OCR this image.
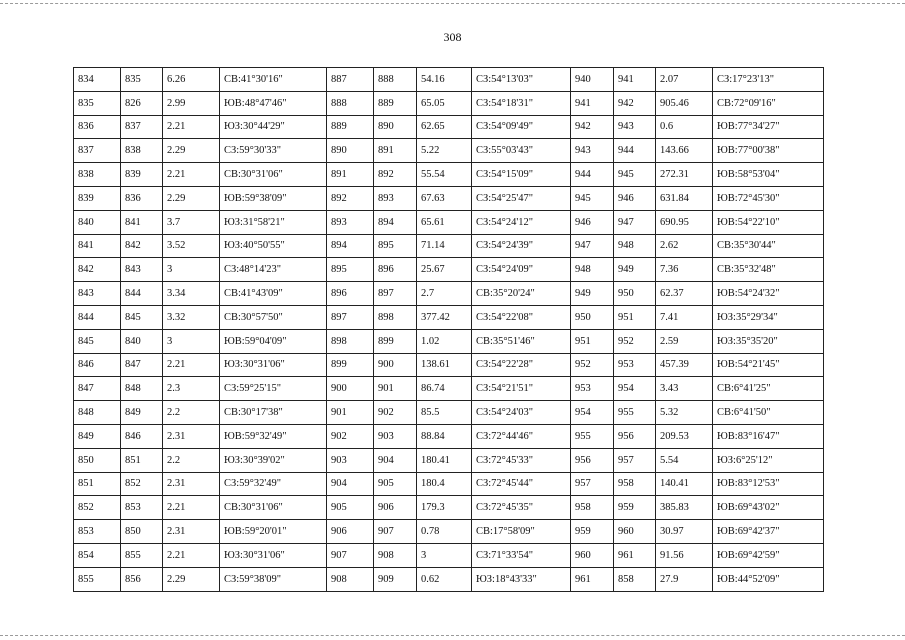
308
834	835	6.26	СВ:41°30'16"	887	888	54.16	СЗ:54°13'03"	940	941	2.07	СЗ:17°23'13"
835	826	2.99	ЮВ:48°47'46"	888	889	65.05	СЗ:54°18'31"	941	942	905.46	СВ:72°09'16"
836	837	2.21	ЮЗ:30°44'29"	889	890	62.65	СЗ:54°09'49"	942	943	0.6	ЮВ:77°34'27"
837	838	2.29	СЗ:59°30'33"	890	891	5.22	СЗ:55°03'43"	943	944	143.66	ЮВ:77°00'38"
838	839	2.21	СВ:30°31'06"	891	892	55.54	СЗ:54°15'09"	944	945	272.31	ЮВ:58°53'04"
839	836	2.29	ЮВ:59°38'09"	892	893	67.63	СЗ:54°25'47"	945	946	631.84	ЮВ:72°45'30"
840	841	3.7	ЮЗ:31°58'21"	893	894	65.61	СЗ:54°24'12"	946	947	690.95	ЮВ:54°22'10"
841	842	3.52	ЮЗ:40°50'55"	894	895	71.14	СЗ:54°24'39"	947	948	2.62	СВ:35°30'44"
842	843	3	СЗ:48°14'23"	895	896	25.67	СЗ:54°24'09"	948	949	7.36	СВ:35°32'48"
843	844	3.34	СВ:41°43'09"	896	897	2.7	СВ:35°20'24"	949	950	62.37	ЮВ:54°24'32"
844	845	3.32	СВ:30°57'50"	897	898	377.42	СЗ:54°22'08"	950	951	7.41	ЮЗ:35°29'34"
845	840	3	ЮВ:59°04'09"	898	899	1.02	СВ:35°51'46"	951	952	2.59	ЮЗ:35°35'20"
846	847	2.21	ЮЗ:30°31'06"	899	900	138.61	СЗ:54°22'28"	952	953	457.39	ЮВ:54°21'45"
847	848	2.3	СЗ:59°25'15"	900	901	86.74	СЗ:54°21'51"	953	954	3.43	СВ:6°41'25"
848	849	2.2	СВ:30°17'38"	901	902	85.5	СЗ:54°24'03"	954	955	5.32	СВ:6°41'50"
849	846	2.31	ЮВ:59°32'49"	902	903	88.84	СЗ:72°44'46"	955	956	209.53	ЮВ:83°16'47"
850	851	2.2	ЮЗ:30°39'02"	903	904	180.41	СЗ:72°45'33"	956	957	5.54	ЮЗ:6°25'12"
851	852	2.31	СЗ:59°32'49"	904	905	180.4	СЗ:72°45'44"	957	958	140.41	ЮВ:83°12'53"
852	853	2.21	СВ:30°31'06"	905	906	179.3	СЗ:72°45'35"	958	959	385.83	ЮВ:69°43'02"
853	850	2.31	ЮВ:59°20'01"	906	907	0.78	СВ:17°58'09"	959	960	30.97	ЮВ:69°42'37"
854	855	2.21	ЮЗ:30°31'06"	907	908	3	СЗ:71°33'54"	960	961	91.56	ЮВ:69°42'59"
855	856	2.29	СЗ:59°38'09"	908	909	0.62	ЮЗ:18°43'33"	961	858	27.9	ЮВ:44°52'09"
